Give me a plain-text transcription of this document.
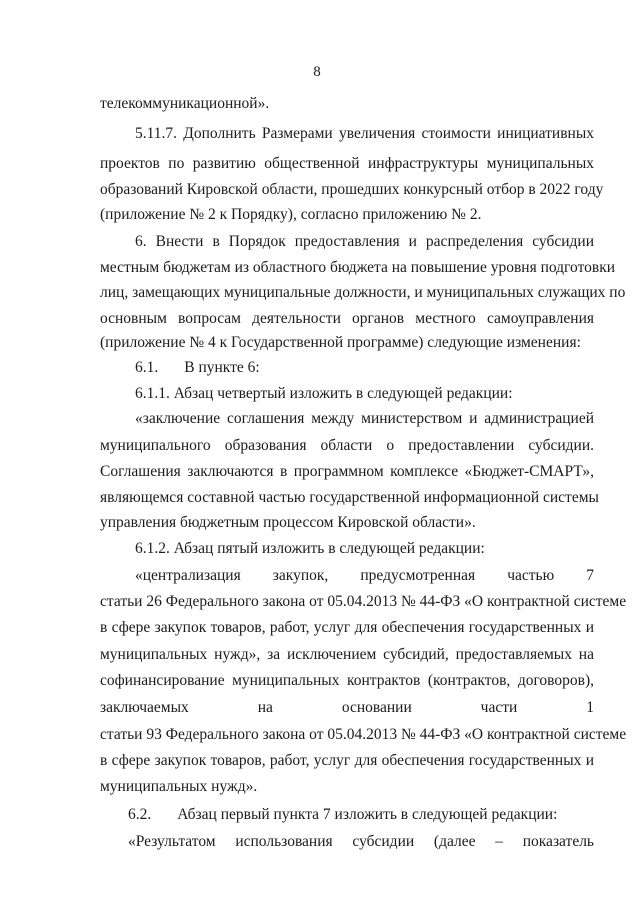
8
телекоммуникационной».
5.11.7. Дополнить Размерами увеличения стоимости инициативных
проектов по развитию общественной инфраструктуры муниципальных
образований Кировской области, прошедших конкурсный отбор в 2022 году
(приложение № 2 к Порядку), согласно приложению № 2.
6. Внести в Порядок предоставления и распределения субсидии
местным бюджетам из областного бюджета на повышение уровня подготовки
лиц, замещающих муниципальные должности, и муниципальных служащих по
основным вопросам деятельности органов местного самоуправления
(приложение № 4 к Государственной программе) следующие изменения:
6.1. В пункте 6:
6.1.1. Абзац четвертый изложить в следующей редакции:
«заключение соглашения между министерством и администрацией
муниципального образования области о предоставлении субсидии.
Соглашения заключаются в программном комплексе «Бюджет-СМАРТ»,
являющемся составной частью государственной информационной системы
управления бюджетным процессом Кировской области».
6.1.2. Абзац пятый изложить в следующей редакции:
«централизация закупок, предусмотренная частью 7
статьи 26 Федерального закона от 05.04.2013 № 44-ФЗ «О контрактной системе
в сфере закупок товаров, работ, услуг для обеспечения государственных и
муниципальных нужд», за исключением субсидий, предоставляемых на
софинансирование муниципальных контрактов (контрактов, договоров),
заключаемых на основании части 1
статьи 93 Федерального закона от 05.04.2013 № 44-ФЗ «О контрактной системе
в сфере закупок товаров, работ, услуг для обеспечения государственных и
муниципальных нужд».
6.2. Абзац первый пункта 7 изложить в следующей редакции:
«Результатом использования субсидии (далее – показатель
